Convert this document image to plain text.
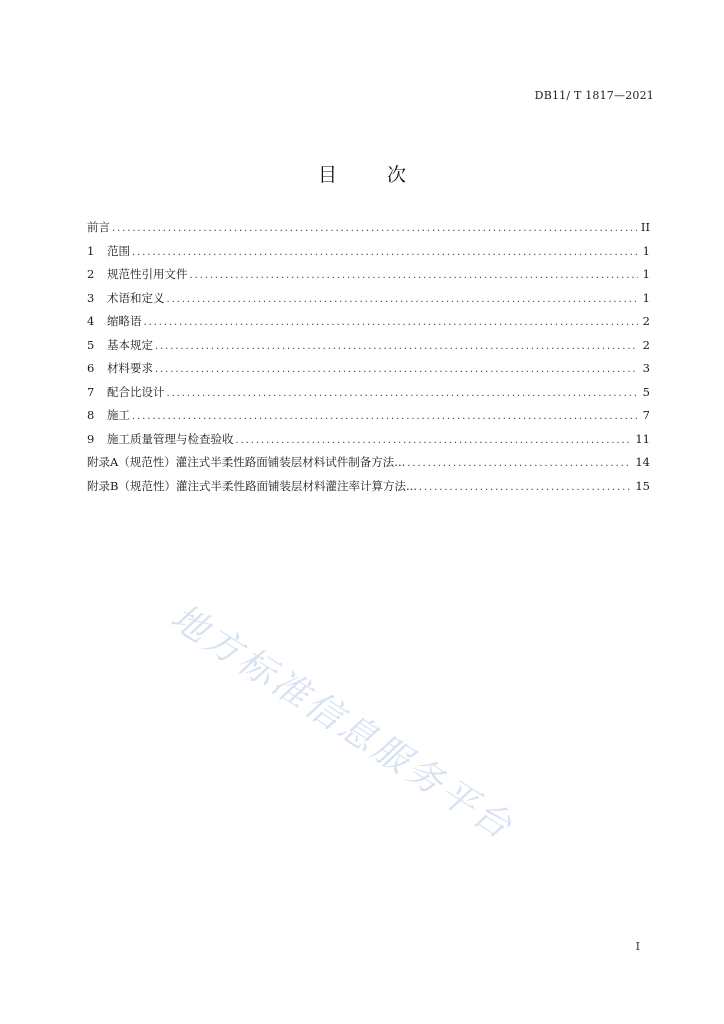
DB11/ T 1817—2021
目	次
前言 .....	II
1	范围 .....	1
2	规范性引用文件 .....	1
3	术语和定义 .....	1
4	缩略语 .....	2
5	基本规定 .....	2
6	材料要求 .....	3
7	配合比设计 .....	5
8	施工 .....	7
9	施工质量管理与检查验收 .....	11
附录A（规范性）灌注式半柔性路面铺装层材料试件制备方法... .....	14
附录B（规范性）灌注式半柔性路面铺装层材料灌注率计算方法... .....	15
地方标准信息服务平台
I
